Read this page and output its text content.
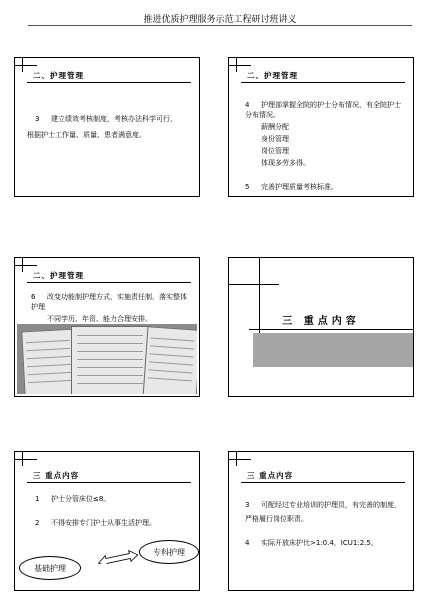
推进优质护理服务示范工程研讨班讲义
二、护理管理
3 建立绩效考核制度，考核办法科学可行，
根据护士工作量、质量、患者满意度。
二、护理管理
4 护理部掌握全院的护士分布情况，有全院护士分布情况。
薪酬分配
身份管理
岗位管理
体现多劳多得。
5 完善护理质量考核标准。
二、护理管理
6 改变功能制护理方式，实施责任制，落实整体护理
不同学历、年资、能力合理安排。	三 重点内容
三 重点内容
1 护士分管床位≤8。
2 不得安排专门护士从事生活护理。
基础护理
专科护理
三 重点内容
3 可配经过专业培训的护理员，有完善的制度，严格履行岗位职责。
4 实际开放床护比>1:0.4，ICU1:2.5。
